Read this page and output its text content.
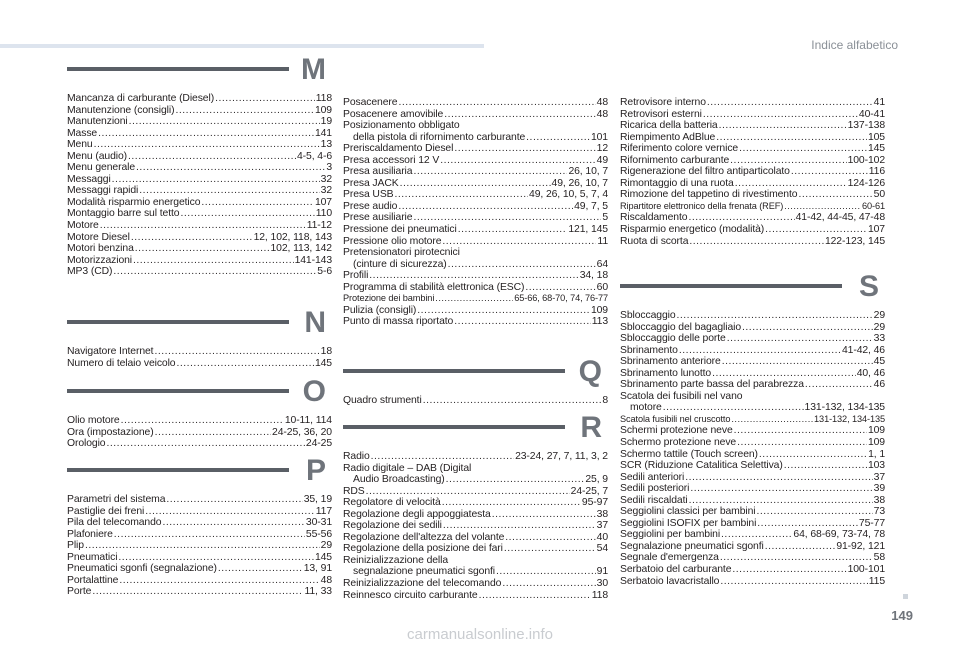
Indice alfabetico
M
Mancanza di carburante (Diesel) .....	118
Manutenzione (consigli) .....	109
Manutenzioni .....	19
Masse .....	141
Menu .....	13
Menu (audio) .....	4-5, 4-6
Menu generale .....	3
Messaggi .....	32
Messaggi rapidi .....	32
Modalità risparmio energetico .....	107
Montaggio barre sul tetto .....	110
Motore .....	11-12
Motore Diesel .....	12, 102, 118, 143
Motori benzina .....	102, 113, 142
Motorizzazioni .....	141-143
MP3 (CD) .....	5-6
N
Navigatore Internet .....	18
Numero di telaio veicolo .....	145
O
Olio motore .....	10-11, 114
Ora (impostazione) .....	24-25, 36, 20
Orologio .....	24-25
P
Parametri del sistema .....	35, 19
Pastiglie dei freni .....	117
Pila del telecomando .....	30-31
Plafoniere .....	55-56
Plip .....	29
Pneumatici .....	145
Pneumatici sgonfi (segnalazione) .....	13, 91
Portalattine .....	48
Porte .....	11, 33
Posacenere .....	48
Posacenere amovibile .....	48
Posizionamento obbligato
della pistola di rifornimento carburante .....	101
Preriscaldamento Diesel .....	12
Presa accessori 12 V .....	49
Presa ausiliaria .....	26, 10, 7
Presa JACK .....	49, 26, 10, 7
Presa USB .....	49, 26, 10, 5, 7, 4
Prese audio .....	49, 7, 5
Prese ausiliarie .....	5
Pressione dei pneumatici .....	121, 145
Pressione olio motore .....	11
Pretensionatori pirotecnici
(cinture di sicurezza) .....	64
Profili .....	34, 18
Programma di stabilità elettronica (ESC) .....	60
Protezione dei bambini .....	65-66, 68-70, 74, 76-77
Pulizia (consigli) .....	109
Punto di massa riportato .....	113
Q
Quadro strumenti .....	8
R
Radio .....	23-24, 27, 7, 11, 3, 2
Radio digitale – DAB (Digital
Audio Broadcasting) .....	25, 9
RDS .....	24-25, 7
Regolatore di velocità .....	95-97
Regolazione degli appoggiatesta .....	38
Regolazione dei sedili .....	37
Regolazione dell'altezza del volante .....	40
Regolazione della posizione dei fari .....	54
Reinizializzazione della
segnalazione pneumatici sgonfi .....	91
Reinizializzazione del telecomando .....	30
Reinnesco circuito carburante .....	118
Retrovisore interno .....	41
Retrovisori esterni .....	40-41
Ricarica della batteria .....	137-138
Riempimento AdBlue .....	105
Riferimento colore vernice .....	145
Rifornimento carburante .....	100-102
Rigenerazione del filtro antiparticolato .....	116
Rimontaggio di una ruota .....	124-126
Rimozione del tappetino di rivestimento .....	50
Ripartitore elettronico della frenata (REF) .....	60-61
Riscaldamento .....	41-42, 44-45, 47-48
Risparmio energetico (modalità) .....	107
Ruota di scorta .....	122-123, 145
S
Sbloccaggio .....	29
Sbloccaggio del bagagliaio .....	29
Sbloccaggio delle porte .....	33
Sbrinamento .....	41-42, 46
Sbrinamento anteriore .....	45
Sbrinamento lunotto .....	40, 46
Sbrinamento parte bassa del parabrezza .....	46
Scatola dei fusibili nel vano
motore .....	131-132, 134-135
Scatola fusibili nel cruscotto .....	131-132, 134-135
Schermi protezione neve .....	109
Schermo protezione neve .....	109
Schermo tattile (Touch screen) .....	1, 1
SCR (Riduzione Catalitica Selettiva) .....	103
Sedili anteriori .....	37
Sedili posteriori .....	39
Sedili riscaldati .....	38
Seggiolini classici per bambini .....	73
Seggiolini ISOFIX per bambini .....	75-77
Seggiolini per bambini .....	64, 68-69, 73-74, 78
Segnalazione pneumatici sgonfi .....	91-92, 121
Segnale d'emergenza .....	58
Serbatoio del carburante .....	100-101
Serbatoio lavacristallo .....	115
149
carmanualsonline.info
